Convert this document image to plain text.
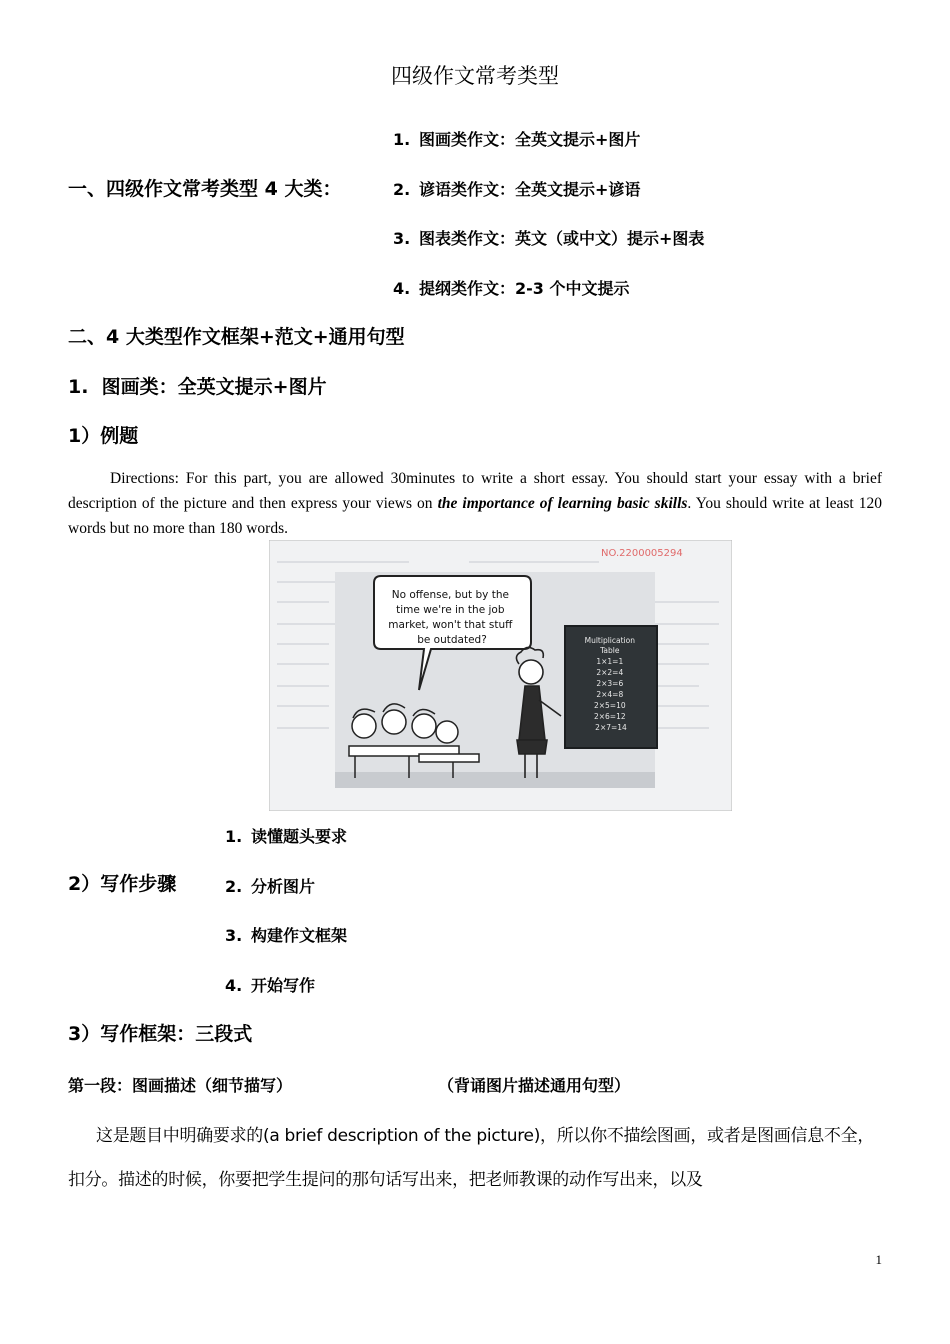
四级作文常考类型
一、四级作文常考类型 4 大类：
1. 图画类作文：全英文提示+图片
2. 谚语类作文：全英文提示+谚语
3. 图表类作文：英文（或中文）提示+图表
4. 提纲类作文：2-3 个中文提示
二、4 大类型作文框架+范文+通用句型
1.  图画类：全英文提示+图片
1）例题
Directions: For this part, you are allowed 30minutes to write a short essay. You should start your essay with a brief description of the picture and then express your views on the importance of learning basic skills. You should write at least 120 words but no more than 180 words.
NO.2200005294
No offense, but by the time we're in the job market, won't that stuff be outdated?	Multiplication Table 1×1=1 2×2=4 2×3=6 2×4=8 2×5=10 2×6=12 2×7=14
2）写作步骤
1. 读懂题头要求
2. 分析图片
3. 构建作文框架
4. 开始写作
3）写作框架：三段式
第一段：图画描述（细节描写）	（背诵图片描述通用句型）
这是题目中明确要求的(a brief description of the picture)，所以你不描绘图画，或者是图画信息不全，扣分。描述的时候，你要把学生提问的那句话写出来，把老师教课的动作写出来，以及
1
